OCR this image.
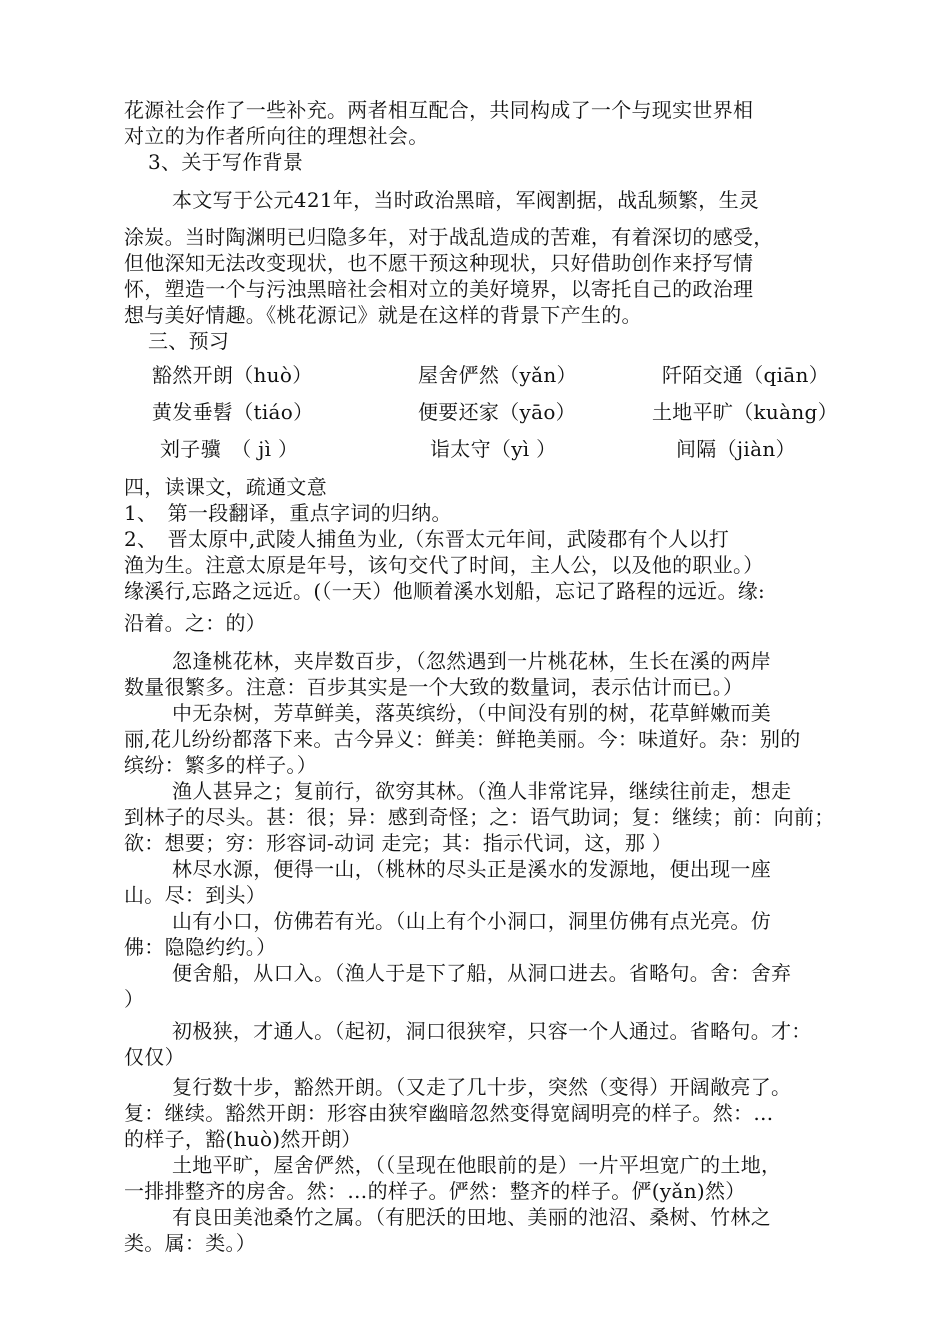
花源社会作了一些补充。两者相互配合，共同构成了一个与现实世界相
对立的为作者所向往的理想社会。
3、关于写作背景
本文写于公元421年，当时政治黑暗，军阀割据，战乱频繁，生灵
涂炭。当时陶渊明已归隐多年，对于战乱造成的苦难，有着深切的感受，
但他深知无法改变现状，也不愿干预这种现状，只好借助创作来抒写情
怀，塑造一个与污浊黑暗社会相对立的美好境界，以寄托自己的政治理
想与美好情趣。《桃花源记》就是在这样的背景下产生的。
三、预习
豁然开朗（huò）	屋舍俨然（yǎn）	阡陌交通（qiān）
黄发垂髫（tiáo）	便要还家（yāo）	土地平旷（kuàng）
刘子骥　（ jì ）	诣太守（yì ）	间隔（jiàn）
四，读课文，疏通文意
1、　第一段翻译，重点字词的归纳。
2、　晋太原中,武陵人捕鱼为业,（东晋太元年间，武陵郡有个人以打
渔为生。注意太原是年号，该句交代了时间，主人公，以及他的职业。）
缘溪行,忘路之远近。(（一天）他顺着溪水划船，忘记了路程的远近。缘:
沿着。之：的）
忽逢桃花林，夹岸数百步，（忽然遇到一片桃花林，生长在溪的两岸
数量很繁多。注意：百步其实是一个大致的数量词，表示估计而已。）
中无杂树，芳草鲜美，落英缤纷，（中间没有别的树，花草鲜嫩而美
丽,花儿纷纷都落下来。古今异义：鲜美：鲜艳美丽。今：味道好。杂：别的
缤纷：繁多的样子。）
渔人甚异之；复前行，欲穷其林。（渔人非常诧异，继续往前走，想走
到林子的尽头。甚：很；异：感到奇怪；之：语气助词；复：继续；前：向前；
欲：想要；穷：形容词-动词 走完；其：指示代词，这，那 ）
林尽水源，便得一山，（桃林的尽头正是溪水的发源地，便出现一座
山。尽：到头）
山有小口，仿佛若有光。（山上有个小洞口，洞里仿佛有点光亮。仿
佛：隐隐约约。）
便舍船，从口入。（渔人于是下了船，从洞口进去。省略句。舍：舍弃
）
初极狭，才通人。（起初，洞口很狭窄，只容一个人通过。省略句。才：
仅仅）
复行数十步，豁然开朗。（又走了几十步，突然（变得）开阔敞亮了。
复：继续。豁然开朗：形容由狭窄幽暗忽然变得宽阔明亮的样子。然：…
的样子，豁(huò)然开朗）
土地平旷，屋舍俨然，（（呈现在他眼前的是）一片平坦宽广的土地，
一排排整齐的房舍。然：…的样子。俨然：整齐的样子。俨(yǎn)然）
有良田美池桑竹之属。（有肥沃的田地、美丽的池沼、桑树、竹林之
类。属：类。）
